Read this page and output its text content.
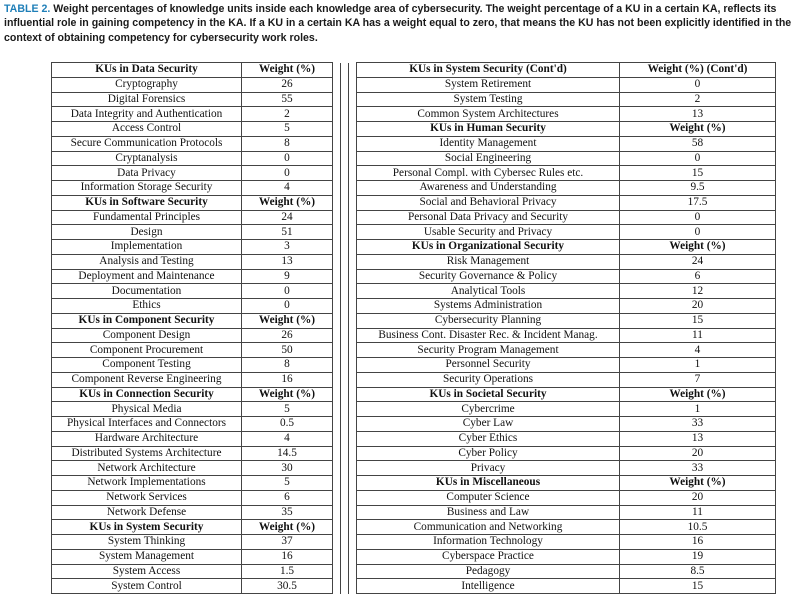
TABLE 2. Weight percentages of knowledge units inside each knowledge area of cybersecurity. The weight percentage of a KU in a certain KA, reflects its influential role in gaining competency in the KA. If a KU in a certain KA has a weight equal to zero, that means the KU has not been explicitly identified in the context of obtaining competency for cybersecurity work roles.

KUs in Data Security	Weight (%)				KUs in System Security (Cont'd)	Weight (%) (Cont'd)
Cryptography	26				System Retirement	0
Digital Forensics	55				System Testing	2
Data Integrity and Authentication	2				Common System Architectures	13
Access Control	5				KUs in Human Security	Weight (%)
Secure Communication Protocols	8				Identity Management	58
Cryptanalysis	0				Social Engineering	0
Data Privacy	0				Personal Compl. with Cybersec Rules etc.	15
Information Storage Security	4				Awareness and Understanding	9.5
KUs in Software Security	Weight (%)				Social and Behavioral Privacy	17.5
Fundamental Principles	24				Personal Data Privacy and Security	0
Design	51				Usable Security and Privacy	0
Implementation	3				KUs in Organizational Security	Weight (%)
Analysis and Testing	13				Risk Management	24
Deployment and Maintenance	9				Security Governance & Policy	6
Documentation	0				Analytical Tools	12
Ethics	0				Systems Administration	20
KUs in Component Security	Weight (%)				Cybersecurity Planning	15
Component Design	26				Business Cont. Disaster Rec. & Incident Manag.	11
Component Procurement	50				Security Program Management	4
Component Testing	8				Personnel Security	1
Component Reverse Engineering	16				Security Operations	7
KUs in Connection Security	Weight (%)				KUs in Societal Security	Weight (%)
Physical Media	5				Cybercrime	1
Physical Interfaces and Connectors	0.5				Cyber Law	33
Hardware Architecture	4				Cyber Ethics	13
Distributed Systems Architecture	14.5				Cyber Policy	20
Network Architecture	30				Privacy	33
Network Implementations	5				KUs in Miscellaneous	Weight (%)
Network Services	6				Computer Science	20
Network Defense	35				Business and Law	11
KUs in System Security	Weight (%)				Communication and Networking	10.5
System Thinking	37				Information Technology	16
System Management	16				Cyberspace Practice	19
System Access	1.5				Pedagogy	8.5
System Control	30.5				Intelligence	15
